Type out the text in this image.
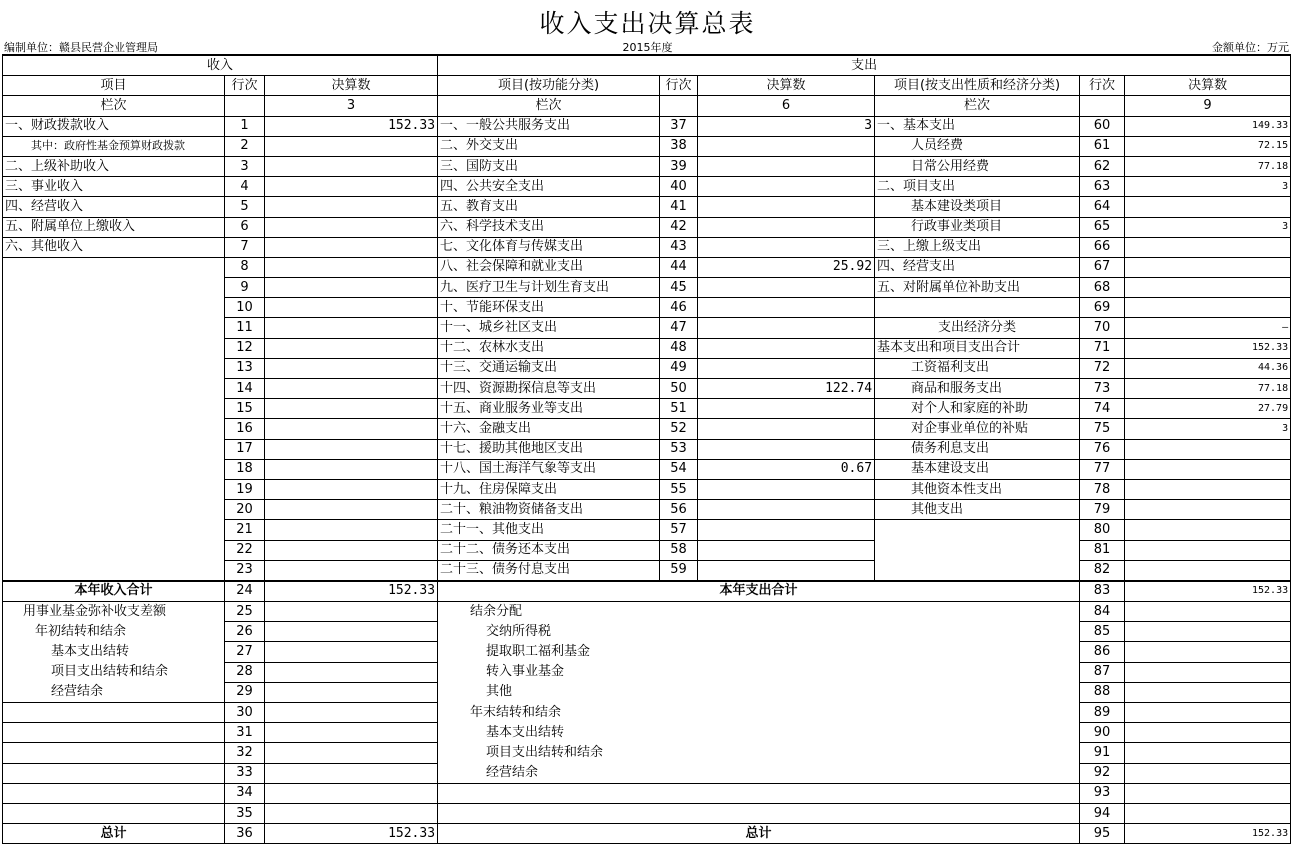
收入支出决算总表
编制单位：赣县民营企业管理局	2015年度	金额单位：万元
收入			支出					
项目	行次	决算数	项目(按功能分类)	行次	决算数	项目(按支出性质和经济分类)	行次	决算数
栏次		3	栏次		6	栏次		9
一、财政拨款收入	1	152.33	一、一般公共服务支出	37	3	一、基本支出	60	149.33
其中：政府性基金预算财政拨款	2		二、外交支出	38		人员经费	61	72.15
二、上级补助收入	3		三、国防支出	39		日常公用经费	62	77.18
三、事业收入	4		四、公共安全支出	40		二、项目支出	63	3
四、经营收入	5		五、教育支出	41		基本建设类项目	64	
五、附属单位上缴收入	6		六、科学技术支出	42		行政事业类项目	65	3
六、其他收入	7		七、文化体育与传媒支出	43		三、上缴上级支出	66	
	8		八、社会保障和就业支出	44	25.92	四、经营支出	67	
	9		九、医疗卫生与计划生育支出	45		五、对附属单位补助支出	68	
	10		十、节能环保支出	46			69	
	11		十一、城乡社区支出	47		支出经济分类	70	—
	12		十二、农林水支出	48		基本支出和项目支出合计	71	152.33
	13		十三、交通运输支出	49		工资福利支出	72	44.36
	14		十四、资源勘探信息等支出	50	122.74	商品和服务支出	73	77.18
	15		十五、商业服务业等支出	51		对个人和家庭的补助	74	27.79
	16		十六、金融支出	52		对企事业单位的补贴	75	3
	17		十七、援助其他地区支出	53		债务利息支出	76	
	18		十八、国土海洋气象等支出	54	0.67	基本建设支出	77	
	19		十九、住房保障支出	55		其他资本性支出	78	
	20		二十、粮油物资储备支出	56		其他支出	79	
	21		二十一、其他支出	57			80	
	22		二十二、债务还本支出	58			81	
	23		二十三、债务付息支出	59			82	
本年收入合计	24	152.33	本年支出合计				83	152.33
用事业基金弥补收支差额	25		结余分配				84	
年初结转和结余	26		交纳所得税				85	
基本支出结转	27		提取职工福利基金				86	
项目支出结转和结余	28		转入事业基金				87	
经营结余	29		其他				88	
	30		年末结转和结余				89	
	31		基本支出结转				90	
	32		项目支出结转和结余				91	
	33		经营结余				92	
	34						93	
	35						94	
总计	36	152.33	总计				95	152.33
